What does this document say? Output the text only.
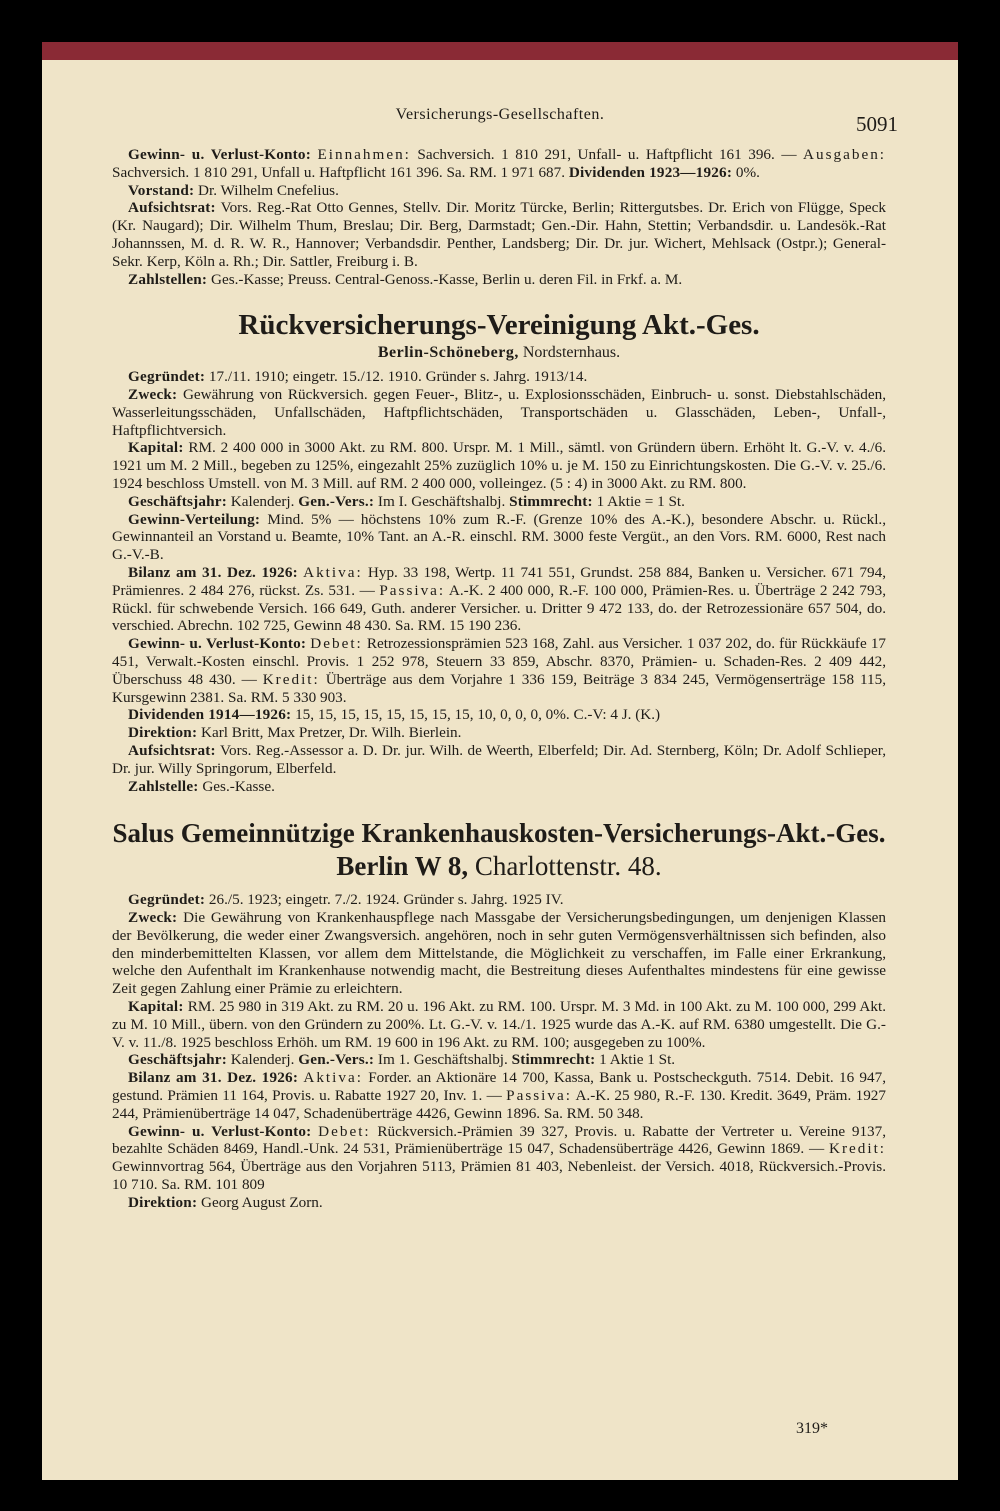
Versicherungs-Gesellschaften.	5091

Gewinn- u. Verlust-Konto: Einnahmen: Sachversich. 1 810 291, Unfall- u. Haftpflicht 161 396. — Ausgaben: Sachversich. 1 810 291, Unfall u. Haftpflicht 161 396. Sa. RM. 1 971 687. Dividenden 1923—1926: 0%.

Vorstand: Dr. Wilhelm Cnefelius.

Aufsichtsrat: Vors. Reg.-Rat Otto Gennes, Stellv. Dir. Moritz Türcke, Berlin; Rittergutsbes. Dr. Erich von Flügge, Speck (Kr. Naugard); Dir. Wilhelm Thum, Breslau; Dir. Berg, Darmstadt; Gen.-Dir. Hahn, Stettin; Verbandsdir. u. Landesök.-Rat Johannssen, M. d. R. W. R., Hannover; Verbandsdir. Penther, Landsberg; Dir. Dr. jur. Wichert, Mehlsack (Ostpr.); General-Sekr. Kerp, Köln a. Rh.; Dir. Sattler, Freiburg i. B.

Zahlstellen: Ges.-Kasse; Preuss. Central-Genoss.-Kasse, Berlin u. deren Fil. in Frkf. a. M.

Rückversicherungs-Vereinigung Akt.-Ges.
Berlin-Schöneberg, Nordsternhaus.

Gegründet: 17./11. 1910; eingetr. 15./12. 1910. Gründer s. Jahrg. 1913/14.

Zweck: Gewährung von Rückversich. gegen Feuer-, Blitz-, u. Explosionsschäden, Einbruch- u. sonst. Diebstahlschäden, Wasserleitungsschäden, Unfallschäden, Haftpflichtschäden, Transportschäden u. Glasschäden, Leben-, Unfall-, Haftpflichtversich.

Kapital: RM. 2 400 000 in 3000 Akt. zu RM. 800. Urspr. M. 1 Mill., sämtl. von Gründern übern. Erhöht lt. G.-V. v. 4./6. 1921 um M. 2 Mill., begeben zu 125%, eingezahlt 25% zuzüglich 10% u. je M. 150 zu Einrichtungskosten. Die G.-V. v. 25./6. 1924 beschloss Umstell. von M. 3 Mill. auf RM. 2 400 000, volleingez. (5 : 4) in 3000 Akt. zu RM. 800.

Geschäftsjahr: Kalenderj. Gen.-Vers.: Im I. Geschäftshalbj. Stimmrecht: 1 Aktie = 1 St.

Gewinn-Verteilung: Mind. 5% — höchstens 10% zum R.-F. (Grenze 10% des A.-K.), besondere Abschr. u. Rückl., Gewinnanteil an Vorstand u. Beamte, 10% Tant. an A.-R. einschl. RM. 3000 feste Vergüt., an den Vors. RM. 6000, Rest nach G.-V.-B.

Bilanz am 31. Dez. 1926: Aktiva: Hyp. 33 198, Wertp. 11 741 551, Grundst. 258 884, Banken u. Versicher. 671 794, Prämienres. 2 484 276, rückst. Zs. 531. — Passiva: A.-K. 2 400 000, R.-F. 100 000, Prämien-Res. u. Überträge 2 242 793, Rückl. für schwebende Versich. 166 649, Guth. anderer Versicher. u. Dritter 9 472 133, do. der Retrozessionäre 657 504, do. verschied. Abrechn. 102 725, Gewinn 48 430. Sa. RM. 15 190 236.

Gewinn- u. Verlust-Konto: Debet: Retrozessionsprämien 523 168, Zahl. aus Versicher. 1 037 202, do. für Rückkäufe 17 451, Verwalt.-Kosten einschl. Provis. 1 252 978, Steuern 33 859, Abschr. 8370, Prämien- u. Schaden-Res. 2 409 442, Überschuss 48 430. — Kredit: Überträge aus dem Vorjahre 1 336 159, Beiträge 3 834 245, Vermögenserträge 158 115, Kursgewinn 2381. Sa. RM. 5 330 903.

Dividenden 1914—1926: 15, 15, 15, 15, 15, 15, 15, 15, 10, 0, 0, 0, 0%. C.-V: 4 J. (K.)

Direktion: Karl Britt, Max Pretzer, Dr. Wilh. Bierlein.

Aufsichtsrat: Vors. Reg.-Assessor a. D. Dr. jur. Wilh. de Weerth, Elberfeld; Dir. Ad. Sternberg, Köln; Dr. Adolf Schlieper, Dr. jur. Willy Springorum, Elberfeld.

Zahlstelle: Ges.-Kasse.

Salus Gemeinnützige Krankenhauskosten-Versicherungs-Akt.-Ges. Berlin W 8, Charlottenstr. 48.

Gegründet: 26./5. 1923; eingetr. 7./2. 1924. Gründer s. Jahrg. 1925 IV.

Zweck: Die Gewährung von Krankenhauspflege nach Massgabe der Versicherungsbedingungen, um denjenigen Klassen der Bevölkerung, die weder einer Zwangsversich. angehören, noch in sehr guten Vermögensverhältnissen sich befinden, also den minderbemittelten Klassen, vor allem dem Mittelstande, die Möglichkeit zu verschaffen, im Falle einer Erkrankung, welche den Aufenthalt im Krankenhause notwendig macht, die Bestreitung dieses Aufenthaltes mindestens für eine gewisse Zeit gegen Zahlung einer Prämie zu erleichtern.

Kapital: RM. 25 980 in 319 Akt. zu RM. 20 u. 196 Akt. zu RM. 100. Urspr. M. 3 Md. in 100 Akt. zu M. 100 000, 299 Akt. zu M. 10 Mill., übern. von den Gründern zu 200%. Lt. G.-V. v. 14./1. 1925 wurde das A.-K. auf RM. 6380 umgestellt. Die G.-V. v. 11./8. 1925 beschloss Erhöh. um RM. 19 600 in 196 Akt. zu RM. 100; ausgegeben zu 100%.

Geschäftsjahr: Kalenderj. Gen.-Vers.: Im 1. Geschäftshalbj. Stimmrecht: 1 Aktie 1 St.

Bilanz am 31. Dez. 1926: Aktiva: Forder. an Aktionäre 14 700, Kassa, Bank u. Postscheckguth. 7514. Debit. 16 947, gestund. Prämien 11 164, Provis. u. Rabatte 1927 20, Inv. 1. — Passiva: A.-K. 25 980, R.-F. 130. Kredit. 3649, Präm. 1927 244, Prämienüberträge 14 047, Schadenüberträge 4426, Gewinn 1896. Sa. RM. 50 348.

Gewinn- u. Verlust-Konto: Debet: Rückversich.-Prämien 39 327, Provis. u. Rabatte der Vertreter u. Vereine 9137, bezahlte Schäden 8469, Handl.-Unk. 24 531, Prämienüberträge 15 047, Schadensüberträge 4426, Gewinn 1869. — Kredit: Gewinnvortrag 564, Überträge aus den Vorjahren 5113, Prämien 81 403, Nebenleist. der Versich. 4018, Rückversich.-Provis. 10 710. Sa. RM. 101 809

Direktion: Georg August Zorn.

319*
